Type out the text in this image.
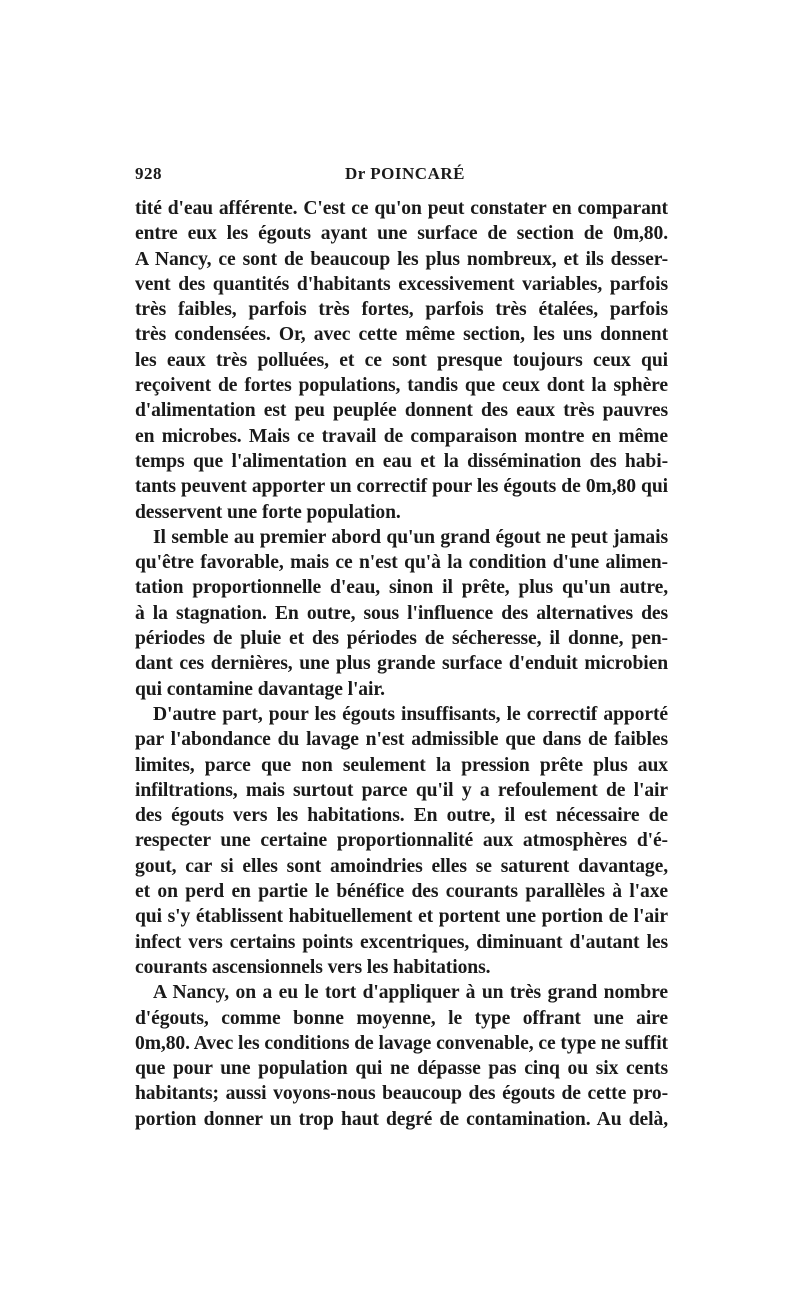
928	Dr POINCARÉ
tité d'eau afférente. C'est ce qu'on peut constater en comparant
entre eux les égouts ayant une surface de section de 0m,80.
A Nancy, ce sont de beaucoup les plus nombreux, et ils desser-
vent des quantités d'habitants excessivement variables, parfois
très faibles, parfois très fortes, parfois très étalées, parfois
très condensées. Or, avec cette même section, les uns donnent
les eaux très polluées, et ce sont presque toujours ceux qui
reçoivent de fortes populations, tandis que ceux dont la sphère
d'alimentation est peu peuplée donnent des eaux très pauvres
en microbes. Mais ce travail de comparaison montre en même
temps que l'alimentation en eau et la dissémination des habi-
tants peuvent apporter un correctif pour les égouts de 0m,80 qui
desservent une forte population.
Il semble au premier abord qu'un grand égout ne peut jamais
qu'être favorable, mais ce n'est qu'à la condition d'une alimen-
tation proportionnelle d'eau, sinon il prête, plus qu'un autre,
à la stagnation. En outre, sous l'influence des alternatives des
périodes de pluie et des périodes de sécheresse, il donne, pen-
dant ces dernières, une plus grande surface d'enduit microbien
qui contamine davantage l'air.
D'autre part, pour les égouts insuffisants, le correctif apporté
par l'abondance du lavage n'est admissible que dans de faibles
limites, parce que non seulement la pression prête plus aux
infiltrations, mais surtout parce qu'il y a refoulement de l'air
des égouts vers les habitations. En outre, il est nécessaire de
respecter une certaine proportionnalité aux atmosphères d'é-
gout, car si elles sont amoindries elles se saturent davantage,
et on perd en partie le bénéfice des courants parallèles à l'axe
qui s'y établissent habituellement et portent une portion de l'air
infect vers certains points excentriques, diminuant d'autant les
courants ascensionnels vers les habitations.
A Nancy, on a eu le tort d'appliquer à un très grand nombre
d'égouts, comme bonne moyenne, le type offrant une aire
0m,80. Avec les conditions de lavage convenable, ce type ne suffit
que pour une population qui ne dépasse pas cinq ou six cents
habitants; aussi voyons-nous beaucoup des égouts de cette pro-
portion donner un trop haut degré de contamination. Au delà,
